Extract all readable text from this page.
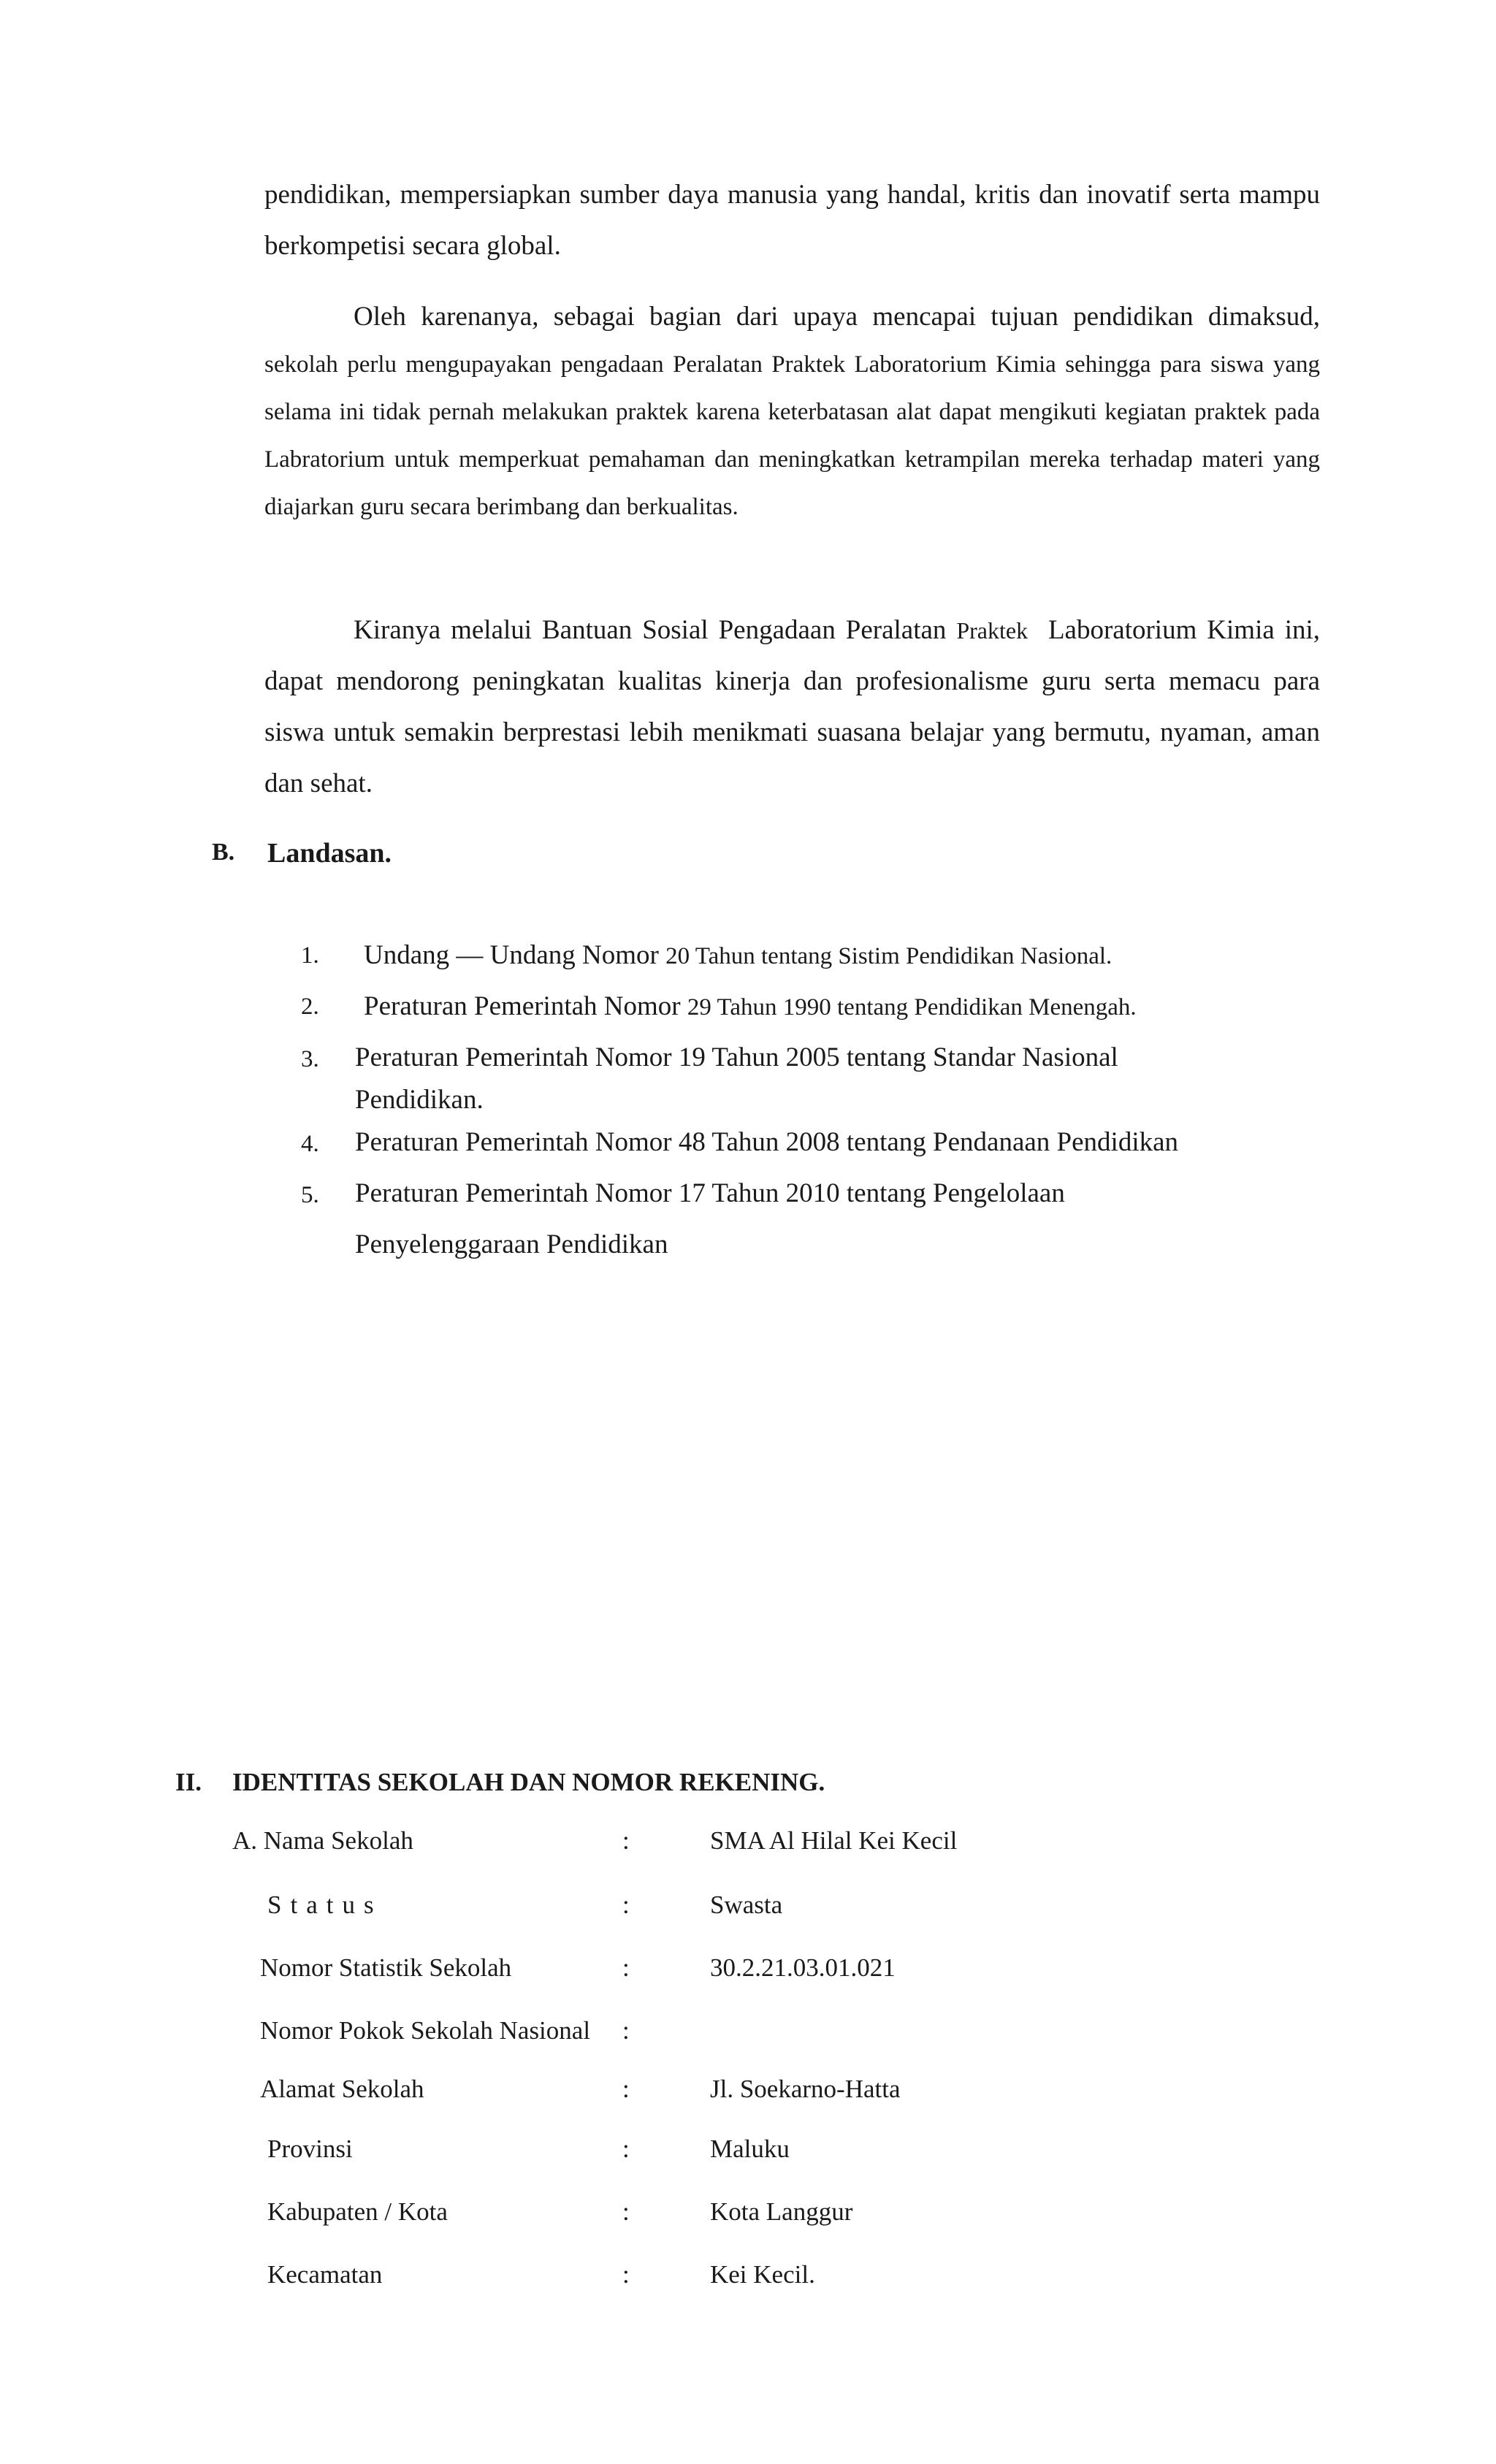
pendidikan, mempersiapkan sumber daya manusia yang handal, kritis dan inovatif serta mampu berkompetisi secara global.

Oleh karenanya, sebagai bagian dari upaya mencapai tujuan pendidikan dimaksud, sekolah perlu mengupayakan pengadaan Peralatan Praktek Laboratorium Kimia sehingga para siswa yang selama ini tidak pernah melakukan praktek karena keterbatasan alat dapat mengikuti kegiatan praktek pada Labratorium untuk memperkuat pemahaman dan meningkatkan ketrampilan mereka terhadap materi yang diajarkan guru secara berimbang dan berkualitas.

Kiranya melalui Bantuan Sosial Pengadaan Peralatan Praktek Laboratorium Kimia ini, dapat mendorong peningkatan kualitas kinerja dan profesionalisme guru serta memacu para siswa untuk semakin berprestasi lebih menikmati suasana belajar yang bermutu, nyaman, aman dan sehat.

B. Landasan.
1. Undang — Undang Nomor 20 Tahun tentang Sistim Pendidikan Nasional.
2. Peraturan Pemerintah Nomor 29 Tahun 1990 tentang Pendidikan Menengah.
3. Peraturan Pemerintah Nomor 19 Tahun 2005 tentang Standar Nasional
Pendidikan.
4. Peraturan Pemerintah Nomor 48 Tahun 2008 tentang Pendanaan Pendidikan
5. Peraturan Pemerintah Nomor 17 Tahun 2010 tentang Pengelolaan
Penyelenggaraan Pendidikan
II. IDENTITAS SEKOLAH DAN NOMOR REKENING.
A. Nama Sekolah	:	SMA Al Hilal Kei Kecil
Status	:	Swasta
Nomor Statistik Sekolah	:	30.2.21.03.01.021
Nomor Pokok Sekolah Nasional :
Alamat Sekolah	:	Jl. Soekarno-Hatta
Provinsi	:	Maluku
Kabupaten / Kota	:	Kota Langgur
Kecamatan	:	Kei Kecil.
